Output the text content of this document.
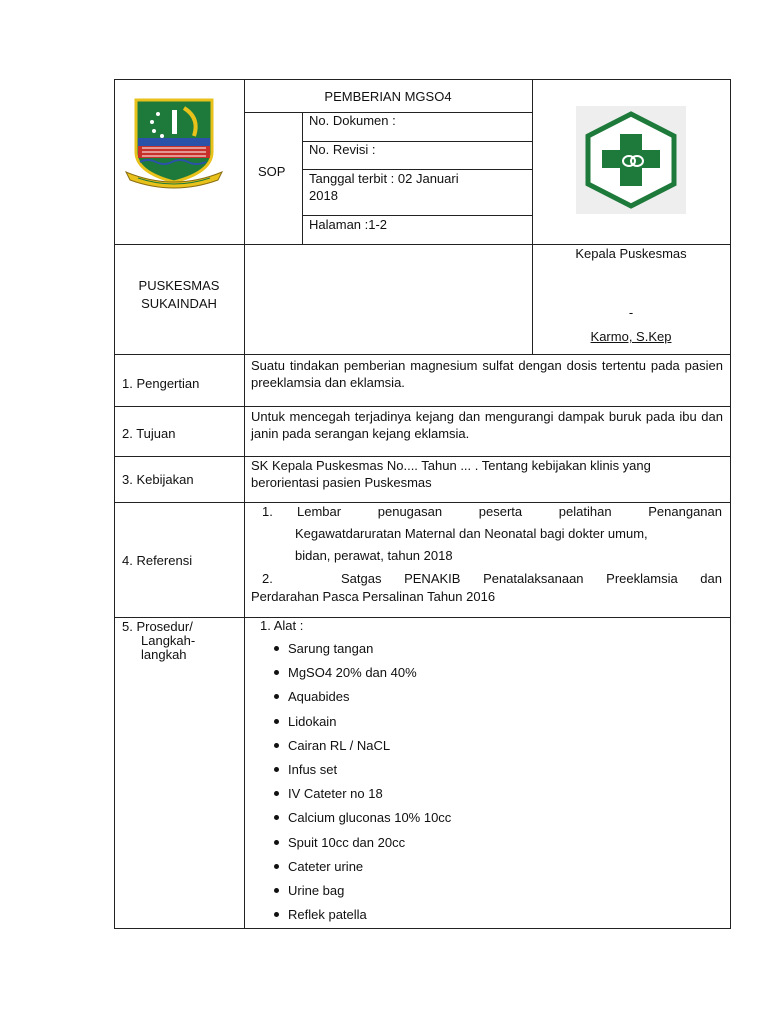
PEMBERIAN MGSO4
SOP
No. Dokumen :
No. Revisi :
Tanggal terbit : 02 Januari
2018
Halaman :1-2
PUSKESMAS
SUKAINDAH
Kepala Puskesmas
-
Karmo, S.Kep
1. Pengertian
Suatu tindakan pemberian magnesium sulfat dengan dosis tertentu pada pasien preeklamsia dan eklamsia.
2. Tujuan
Untuk mencegah terjadinya kejang dan mengurangi dampak buruk pada ibu dan janin pada serangan kejang eklamsia.
3. Kebijakan
SK Kepala Puskesmas No.... Tahun ... . Tentang kebijakan klinis yang
berorientasi pasien Puskesmas
4. Referensi
1. Lembar penugasan peserta pelatihan Penanganan
Kegawatdaruratan Maternal dan Neonatal bagi dokter umum,
bidan, perawat, tahun 2018
2.	Satgas PENAKIB Penatalaksanaan Preeklamsia dan
Perdarahan Pasca Persalinan Tahun 2016
5. Prosedur/
Langkah-
langkah
1. Alat :
Sarung tangan
MgSO4 20% dan 40%
Aquabides
Lidokain
Cairan RL / NaCL
Infus set
IV Cateter no 18
Calcium gluconas 10% 10cc
Spuit 10cc dan 20cc
Cateter urine
Urine bag
Reflek patella
